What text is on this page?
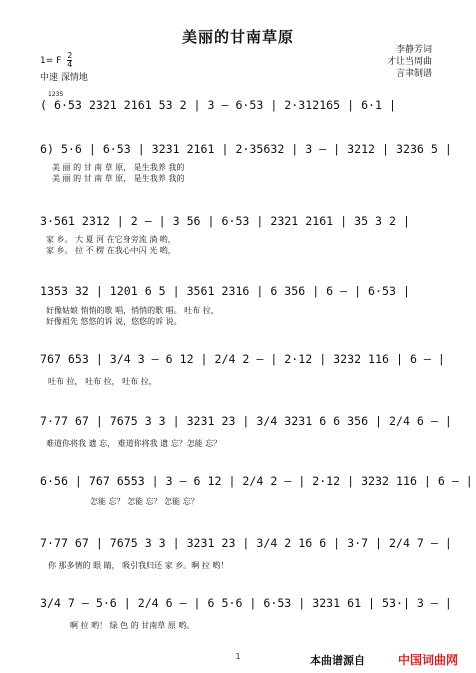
美丽的甘南草原
1= F $\frac{2}{4}$
中速 深情地
李静芳词
才让当周曲
言聿制谱
1235
( 6·53 2321 2161 53 2 | 3 — 6·53 | 2·312165 | 6·1 |
6) 5·6 | 6·53 | 3231 2161 | 2·35632 | 3 — | 3212 | 3236 5 |
美 丽 的 甘 南 草 原， 是生我养 我的
美 丽 的 甘 南 草 原， 是生我养 我的
3·561 2312 | 2 — | 3 56 | 6·53 | 2321 2161 | 35 3 2 |
家 乡。 大 夏 河 在它身旁流 淌 哟，
家 乡。 拉 不 楞 在我心中闪 光 哟，
1353 32 | 1201 6 5 | 3561 2316 | 6 356 | 6 — | 6·53 |
好像姑娘 悄悄的歌 唱，悄悄的歌 唱。 吐布 拉，
好像祖先 悠悠的诉 说，悠悠的诉 说。
767 653 | 3/4 3 — 6 12 | 2/4 2 — | 2·12 | 3232 116 | 6 — |
吐布 拉， 吐布 拉， 吐布 拉，
7·77 67 | 7675 3 3 | 3231 23 | 3/4 3231 6 6 356 | 2/4 6 — |
难道你将我 遗 忘， 难道你将我 遗 忘？怎能 忘？
6·56 | 767 6553 | 3 — 6 12 | 2/4 2 — | 2·12 | 3232 116 | 6 — |
怎能 忘？ 怎能 忘？ 怎能 忘？
7·77 67 | 7675 3 3 | 3231 23 | 3/4 2 16 6 | 3·7 | 2/4 7 — |
你 那多情的 眼 睛， 吸引我归还 家 乡。啊 拉 哟！
3/4 7 — 5·6 | 2/4 6 — | 6 5·6 | 6·53 | 3231 61 | 53·| 3 — |
啊 拉 哟！ 绿 色 的 甘南草 原 哟。
1	本曲谱源自	中国词曲网
